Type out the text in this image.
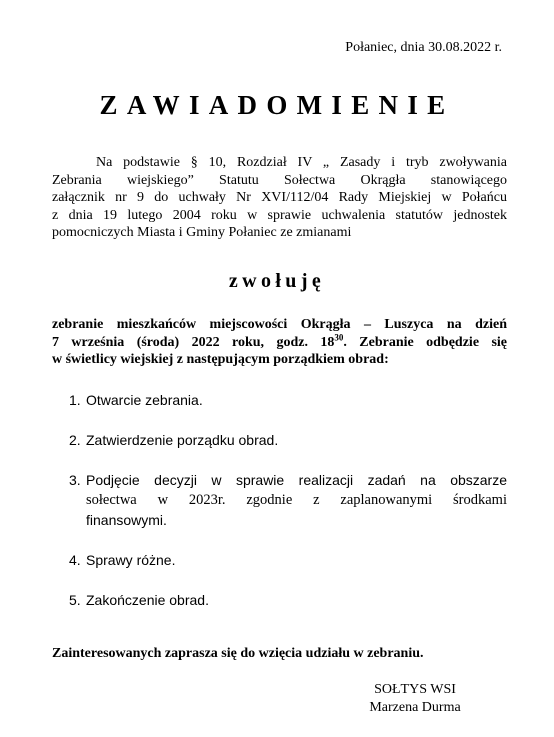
Połaniec, dnia 30.08.2022 r.
ZAWIADOMIENIE
Na podstawie § 10, Rozdział IV „ Zasady i tryb zwoływania
Zebrania wiejskiego” Statutu Sołectwa Okrągła stanowiącego
załącznik nr 9 do uchwały Nr XVI/112/04 Rady Miejskiej w Połańcu
z dnia 19 lutego 2004 roku w sprawie uchwalenia statutów jednostek
pomocniczych Miasta i Gminy Połaniec ze zmianami
zwołuję
zebranie mieszkańców miejscowości Okrągła – Luszyca na dzień
7 września (środa) 2022 roku, godz. $18^{30}$. Zebranie odbędzie się
w świetlicy wiejskiej z następującym porządkiem obrad:
1. Otwarcie zebrania.
2. Zatwierdzenie porządku obrad.
3. Podjęcie decyzji w sprawie realizacji zadań na obszarze
sołectwa w 2023r. zgodnie z zaplanowanymi środkami
finansowymi.
4. Sprawy różne.
5. Zakończenie obrad.
Zainteresowanych zaprasza się do wzięcia udziału w zebraniu.
SOŁTYS WSI
Marzena Durma
